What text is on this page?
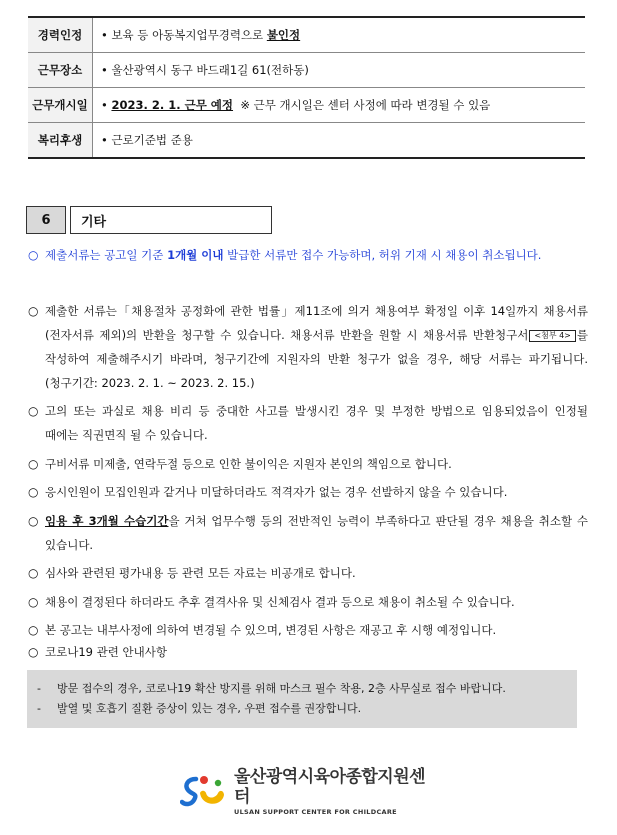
경력인정	• 보육 등 아동복지업무경력으로 불인정
근무장소	• 울산광역시 동구 바드래1길 61(전하동)
근무개시일	• 2023. 2. 1. 근무 예정  ※ 근무 개시일은 센터 사정에 따라 변경될 수 있음
복리후생	• 근로기준법 준용
6	기타
○ 제출서류는 공고일 기준 1개월 이내 발급한 서류만 접수 가능하며, 허위 기재 시 채용이 취소됩니다.
○ 제출한 서류는「채용절차 공정화에 관한 법률」제11조에 의거 채용여부 확정일 이후 14일까지 채용서류(전자서류 제외)의 반환을 청구할 수 있습니다. 채용서류 반환을 원할 시 채용서류 반환청구서 <첨부 4> 를 작성하여 제출해주시기 바라며, 청구기간에 지원자의 반환 청구가 없을 경우, 해당 서류는 파기됩니다. (청구기간: 2023. 2. 1. ~ 2023. 2. 15.)
○ 고의 또는 과실로 채용 비리 등 중대한 사고를 발생시킨 경우 및 부정한 방법으로 임용되었음이 인정될 때에는 직권면직 될 수 있습니다.
○ 구비서류 미제출, 연락두절 등으로 인한 불이익은 지원자 본인의 책임으로 합니다.
○ 응시인원이 모집인원과 같거나 미달하더라도 적격자가 없는 경우 선발하지 않을 수 있습니다.
○ 임용 후 3개월 수습기간을 거쳐 업무수행 등의 전반적인 능력이 부족하다고 판단될 경우 채용을 취소할 수 있습니다.
○ 심사와 관련된 평가내용 등 관련 모든 자료는 비공개로 합니다.
○ 채용이 결정된다 하더라도 추후 결격사유 및 신체검사 결과 등으로 채용이 취소될 수 있습니다.
○ 본 공고는 내부사정에 의하여 변경될 수 있으며, 변경된 사항은 재공고 후 시행 예정입니다.
○ 코로나19 관련 안내사항
-	방문 접수의 경우, 코로나19 확산 방지를 위해 마스크 필수 착용, 2층 사무실로 접수 바랍니다.
-	발열 및 호흡기 질환 증상이 있는 경우, 우편 접수를 권장합니다.
울산광역시육아종합지원센터
ULSAN SUPPORT CENTER FOR CHILDCARE
